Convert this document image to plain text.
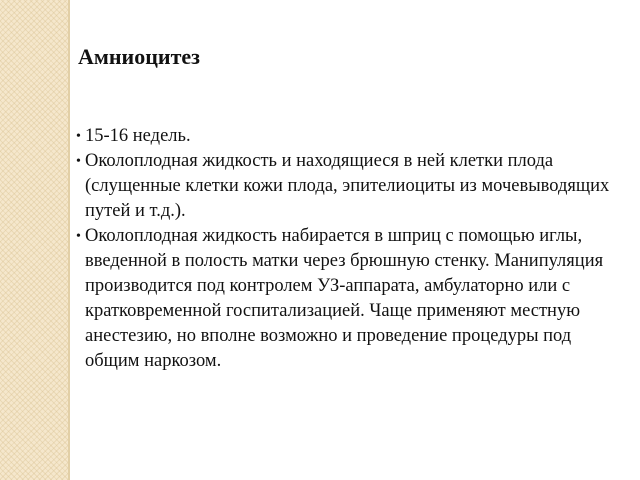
Амниоцитез
• 15-16 недель.
• Околоплодная жидкость и находящиеся в ней клетки плода (слущенные клетки кожи плода, эпителиоциты из мочевыводящих путей и т.д.).
• Околоплодная жидкость набирается в шприц с помощью иглы, введенной в полость матки через брюшную стенку. Манипуляция производится под контролем УЗ-аппарата, амбулаторно или с кратковременной госпитализацией. Чаще применяют местную анестезию, но вполне возможно и проведение процедуры под общим наркозом.
